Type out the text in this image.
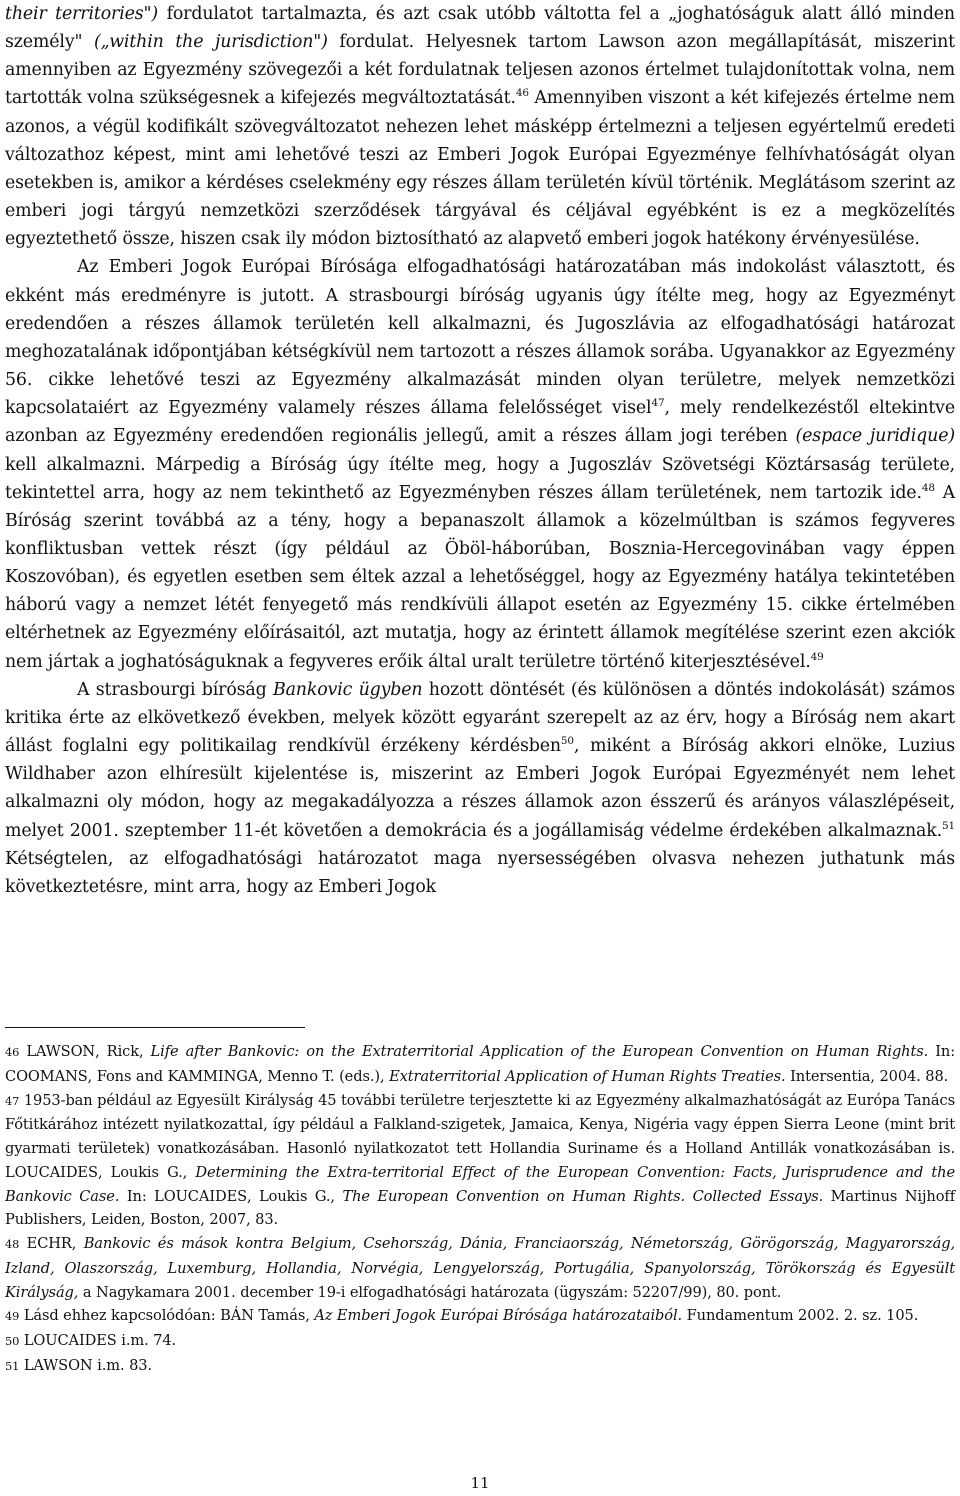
their territories") fordulatot tartalmazta, és azt csak utóbb váltotta fel a „joghatóságuk alatt álló minden személy" („within the jurisdiction") fordulat. Helyesnek tartom Lawson azon megállapítását, miszerint amennyiben az Egyezmény szövegezői a két fordulatnak teljesen azonos értelmet tulajdonítottak volna, nem tartották volna szükségesnek a kifejezés megváltoztatását.$^{46}$ Amennyiben viszont a két kifejezés értelme nem azonos, a végül kodifikált szövegváltozatot nehezen lehet másképp értelmezni a teljesen egyértelmű eredeti változathoz képest, mint ami lehetővé teszi az Emberi Jogok Európai Egyezménye felhívhatóságát olyan esetekben is, amikor a kérdéses cselekmény egy részes állam területén kívül történik. Meglátásom szerint az emberi jogi tárgyú nemzetközi szerződések tárgyával és céljával egyébként is ez a megközelítés egyeztethető össze, hiszen csak ily módon biztosítható az alapvető emberi jogok hatékony érvényesülése.

Az Emberi Jogok Európai Bírósága elfogadhatósági határozatában más indokolást választott, és ekként más eredményre is jutott. A strasbourgi bíróság ugyanis úgy ítélte meg, hogy az Egyezményt eredendően a részes államok területén kell alkalmazni, és Jugoszlávia az elfogadhatósági határozat meghozatalának időpontjában kétségkívül nem tartozott a részes államok sorába. Ugyanakkor az Egyezmény 56. cikke lehetővé teszi az Egyezmény alkalmazását minden olyan területre, melyek nemzetközi kapcsolataiért az Egyezmény valamely részes állama felelősséget visel$^{47}$, mely rendelkezéstől eltekintve azonban az Egyezmény eredendően regionális jellegű, amit a részes állam jogi terében (espace juridique) kell alkalmazni. Márpedig a Bíróság úgy ítélte meg, hogy a Jugoszláv Szövetségi Köztársaság területe, tekintettel arra, hogy az nem tekinthető az Egyezményben részes állam területének, nem tartozik ide.$^{48}$ A Bíróság szerint továbbá az a tény, hogy a bepanaszolt államok a közelmúltban is számos fegyveres konfliktusban vettek részt (így például az Öböl-háborúban, Bosznia-Hercegovinában vagy éppen Koszovóban), és egyetlen esetben sem éltek azzal a lehetőséggel, hogy az Egyezmény hatálya tekintetében háború vagy a nemzet létét fenyegető más rendkívüli állapot esetén az Egyezmény 15. cikke értelmében eltérhetnek az Egyezmény előírásaitól, azt mutatja, hogy az érintett államok megítélése szerint ezen akciók nem jártak a joghatóságuknak a fegyveres erőik által uralt területre történő kiterjesztésével.$^{49}$

A strasbourgi bíróság Bankovic ügyben hozott döntését (és különösen a döntés indokolását) számos kritika érte az elkövetkező években, melyek között egyaránt szerepelt az az érv, hogy a Bíróság nem akart állást foglalni egy politikailag rendkívül érzékeny kérdésben$^{50}$, miként a Bíróság akkori elnöke, Luzius Wildhaber azon elhíresült kijelentése is, miszerint az Emberi Jogok Európai Egyezményét nem lehet alkalmazni oly módon, hogy az megakadályozza a részes államok azon ésszerű és arányos válaszlépéseit, melyet 2001. szeptember 11-ét követően a demokrácia és a jogállamiság védelme érdekében alkalmaznak.$^{51}$ Kétségtelen, az elfogadhatósági határozatot maga nyersességében olvasva nehezen juthatunk más következtetésre, mint arra, hogy az Emberi Jogok

46 LAWSON, Rick, Life after Bankovic: on the Extraterritorial Application of the European Convention on Human Rights. In: COOMANS, Fons and KAMMINGA, Menno T. (eds.), Extraterritorial Application of Human Rights Treaties. Intersentia, 2004. 88.

47 1953-ban például az Egyesült Királyság 45 további területre terjesztette ki az Egyezmény alkalmazhatóságát az Európa Tanács Főtitkárához intézett nyilatkozattal, így például a Falkland-szigetek, Jamaica, Kenya, Nigéria vagy éppen Sierra Leone (mint brit gyarmati területek) vonatkozásában. Hasonló nyilatkozatot tett Hollandia Suriname és a Holland Antillák vonatkozásában is. LOUCAIDES, Loukis G., Determining the Extra-territorial Effect of the European Convention: Facts, Jurisprudence and the Bankovic Case. In: LOUCAIDES, Loukis G., The European Convention on Human Rights. Collected Essays. Martinus Nijhoff Publishers, Leiden, Boston, 2007, 83.

48 ECHR, Bankovic és mások kontra Belgium, Csehország, Dánia, Franciaország, Németország, Görögország, Magyarország, Izland, Olaszország, Luxemburg, Hollandia, Norvégia, Lengyelország, Portugália, Spanyolország, Törökország és Egyesült Királyság, a Nagykamara 2001. december 19-i elfogadhatósági határozata (ügyszám: 52207/99), 80. pont.

49 Lásd ehhez kapcsolódóan: BÁN Tamás, Az Emberi Jogok Európai Bírósága határozataiból. Fundamentum 2002. 2. sz. 105.

50 LOUCAIDES i.m. 74.

51 LAWSON i.m. 83.

11
